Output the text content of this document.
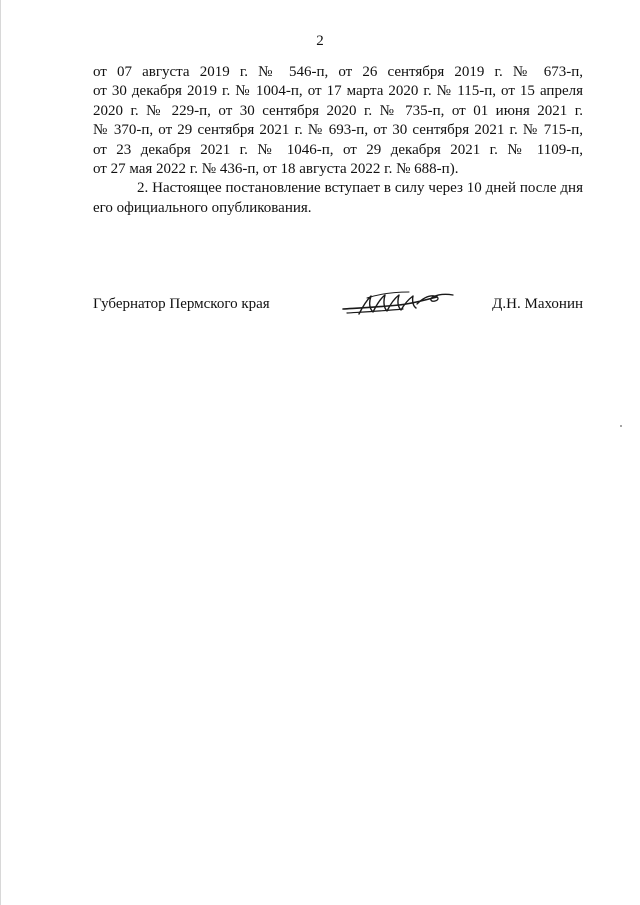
2
от 07 августа 2019 г. № 546-п, от 26 сентября 2019 г. № 673-п,
от 30 декабря 2019 г. № 1004-п, от 17 марта 2020 г. № 115-п, от 15 апреля
2020 г. № 229-п, от 30 сентября 2020 г. № 735-п, от 01 июня 2021 г.
№ 370-п, от 29 сентября 2021 г. № 693-п, от 30 сентября 2021 г. № 715-п,
от 23 декабря 2021 г. № 1046-п, от 29 декабря 2021 г. № 1109-п,
от 27 мая 2022 г. № 436-п, от 18 августа 2022 г. № 688-п).
2. Настоящее постановление вступает в силу через 10 дней после дня
его официального опубликования.
Губернатор Пермского края	Д.Н. Махонин
